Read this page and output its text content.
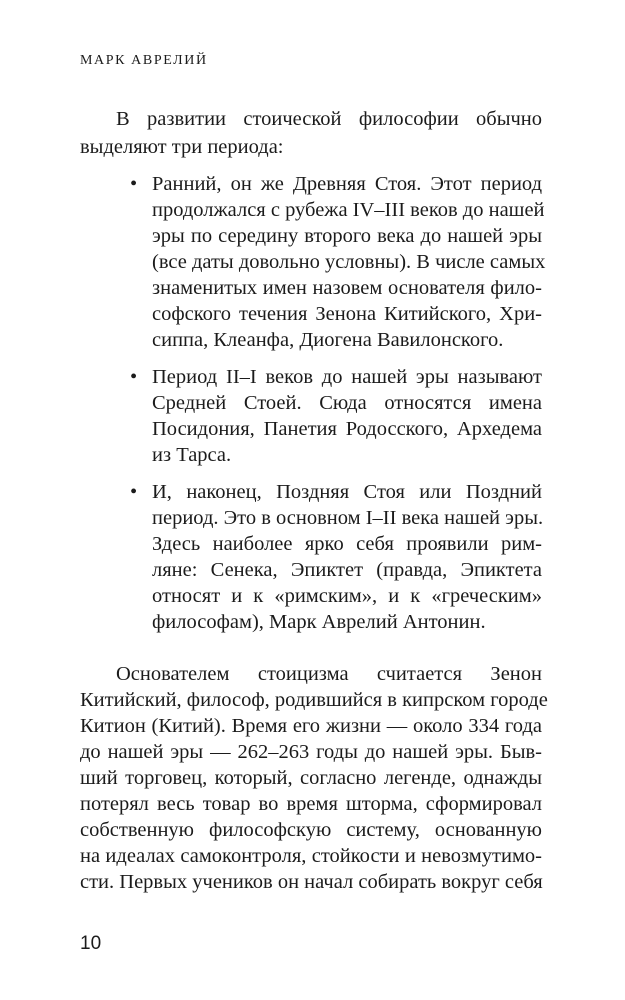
МАРК АВРЕЛИЙ
В развитии стоической философии обычно
выделяют три периода:
• Ранний, он же Древняя Стоя. Этот период
продолжался с рубежа IV–III веков до нашей
эры по середину второго века до нашей эры
(все даты довольно условны). В числе самых
знаменитых имен назовем основателя фило-
софского течения Зенона Китийского, Хри-
сиппа, Клеанфа, Диогена Вавилонского.
• Период II–I веков до нашей эры называют
Средней Стоей. Сюда относятся имена
Посидония, Панетия Родосского, Архедема
из Тарса.
• И, наконец, Поздняя Стоя или Поздний
период. Это в основном I–II века нашей эры.
Здесь наиболее ярко себя проявили рим-
ляне: Сенека, Эпиктет (правда, Эпиктета
относят и к «римским», и к «греческим»
философам), Марк Аврелий Антонин.
Основателем стоицизма считается Зенон
Китийский, философ, родившийся в кипрском городе
Китион (Китий). Время его жизни — около 334 года
до нашей эры — 262–263 годы до нашей эры. Быв-
ший торговец, который, согласно легенде, однажды
потерял весь товар во время шторма, сформировал
собственную философскую систему, основанную
на идеалах самоконтроля, стойкости и невозмутимо-
сти. Первых учеников он начал собирать вокруг себя
10
